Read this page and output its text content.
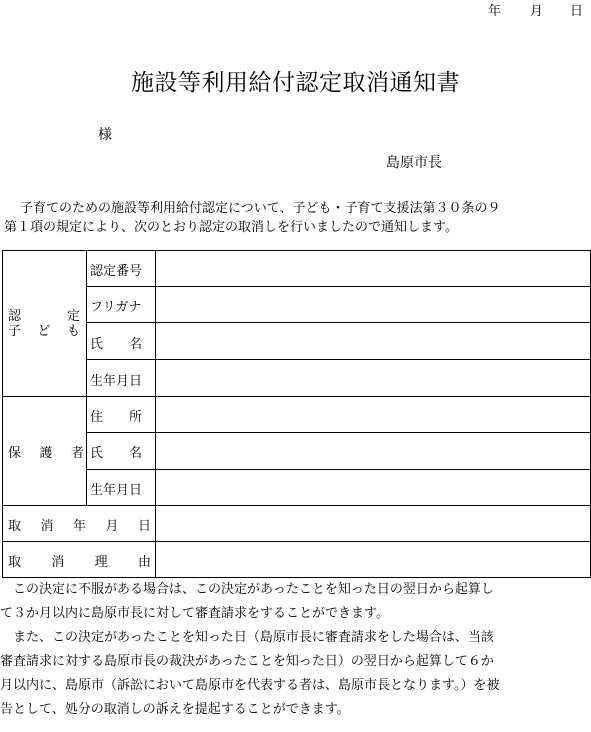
年 月 日
施設等利用給付認定取消通知書
様
島原市長

子育てのための施設等利用給付認定について、子ども・子育て支援法第３０条の９

第１項の規定により、次のとおり認定の取消しを行いましたので通知します。

認	定
子 ど も
認定番号
フリガナ
氏　　名
生年月日
保 護 者
住　　所
氏　　名
生年月日
取 消 年 月 日
取 消 理 由

　この決定に不服がある場合は、この決定があったことを知った日の翌日から起算し

て３か月以内に島原市長に対して審査請求をすることができます。

　また、この決定があったことを知った日（島原市長に審査請求をした場合は、当該

審査請求に対する島原市長の裁決があったことを知った日）の翌日から起算して６か

月以内に、島原市（訴訟において島原市を代表する者は、島原市長となります。）を被

告として、処分の取消しの訴えを提起することができます。
